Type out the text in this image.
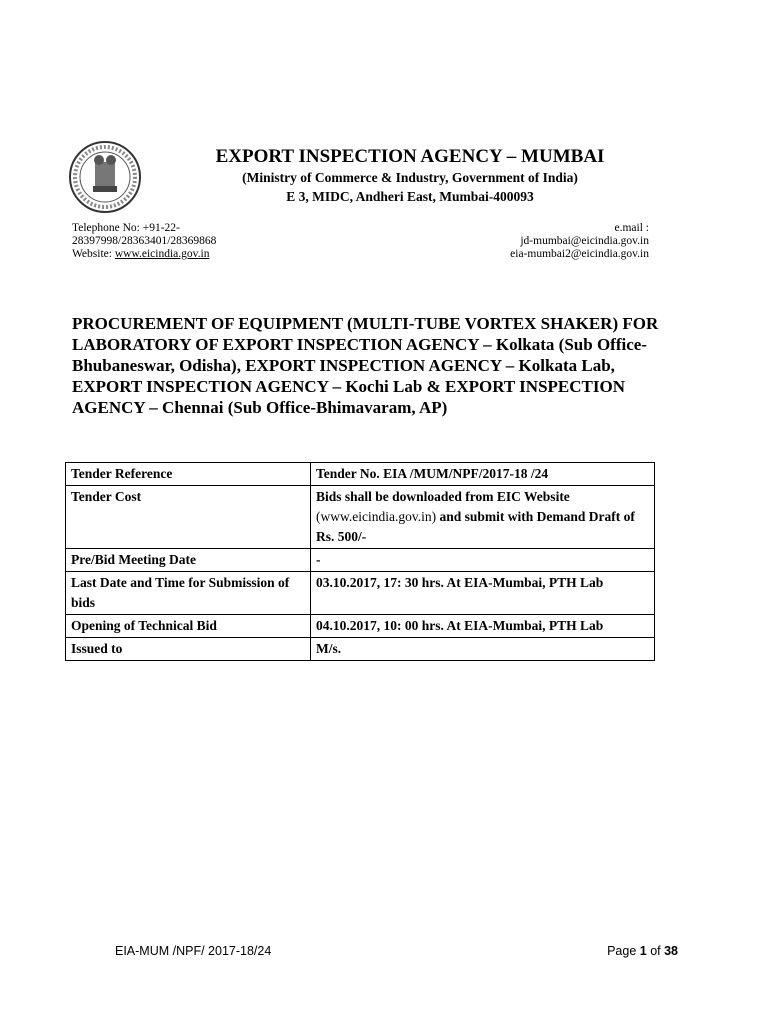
EXPORT INSPECTION AGENCY – MUMBAI
(Ministry of Commerce & Industry, Government of India)
E 3, MIDC, Andheri East, Mumbai-400093
Telephone No: +91-22-
28397998/28363401/28369868
Website: www.eicindia.gov.in
e.mail :
jd-mumbai@eicindia.gov.in
eia-mumbai2@eicindia.gov.in
PROCUREMENT OF EQUIPMENT (MULTI-TUBE VORTEX SHAKER) FOR LABORATORY OF EXPORT INSPECTION AGENCY – Kolkata (Sub Office-Bhubaneswar, Odisha), EXPORT INSPECTION AGENCY – Kolkata Lab, EXPORT INSPECTION AGENCY – Kochi Lab & EXPORT INSPECTION AGENCY – Chennai (Sub Office-Bhimavaram, AP)
Tender Reference	Tender No. EIA /MUM/NPF/2017-18 /24
Tender Cost	Bids shall be downloaded from EIC Website
(www.eicindia.gov.in) and submit with Demand Draft of Rs. 500/-
Pre/Bid Meeting Date	-
Last Date and Time for Submission of bids	03.10.2017, 17: 30 hrs. At EIA-Mumbai, PTH Lab
Opening of Technical Bid	04.10.2017, 10: 00 hrs. At EIA-Mumbai, PTH Lab
Issued to	M/s.
EIA-MUM /NPF/ 2017-18/24	Page 1 of 38
